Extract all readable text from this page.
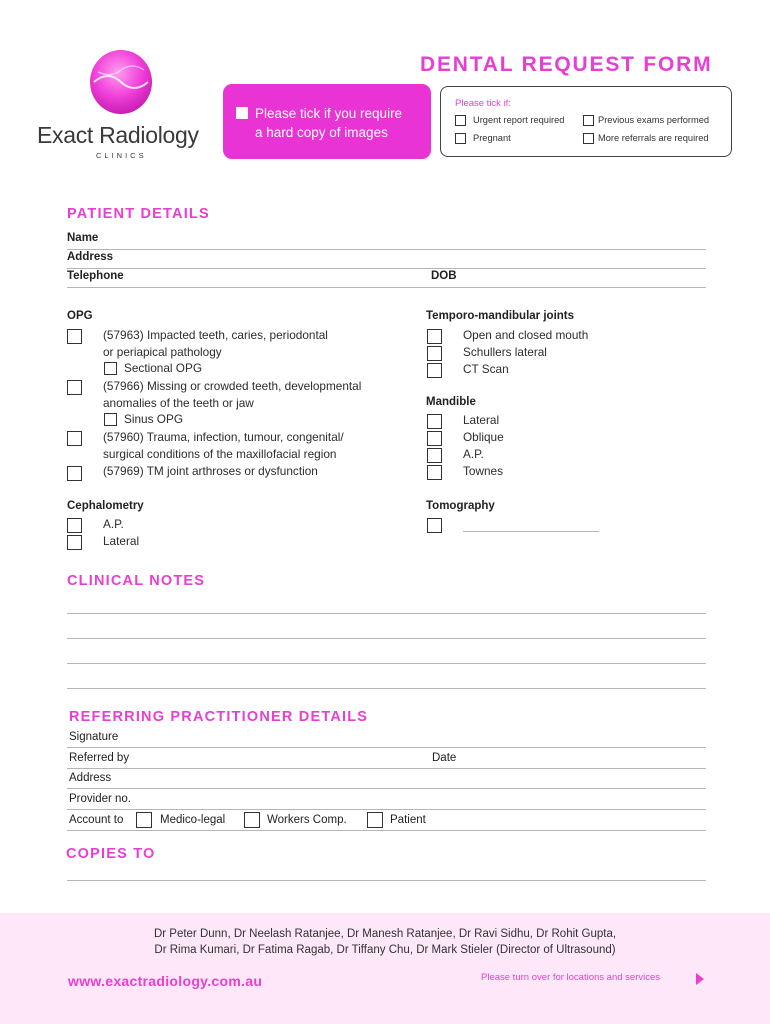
Exact Radiology
CLINICS
Please tick if you require
a hard copy of images
DENTAL REQUEST FORM
Please tick if:
Urgent report required	Previous exams performed
Pregnant	More referrals are required
PATIENT DETAILS
Name
Address
Telephone	DOB
OPG
(57963) Impacted teeth, caries, periodontal
or periapical pathology
Sectional OPG
(57966) Missing or crowded teeth, developmental
anomalies of the teeth or jaw
Sinus OPG
(57960) Trauma, infection, tumour, congenital/
surgical conditions of the maxillofacial region
(57969) TM joint arthroses or dysfunction
Temporo-mandibular joints
Open and closed mouth
Schullers lateral
CT Scan
Mandible
Lateral
Oblique
A.P.
Townes
Cephalometry
A.P.
Lateral
Tomography
CLINICAL NOTES
REFERRING PRACTITIONER DETAILS
Signature
Referred by	Date
Address
Provider no.
Account to	Medico-legal	Workers Comp.	Patient
COPIES TO
Dr Peter Dunn, Dr Neelash Ratanjee, Dr Manesh Ratanjee, Dr Ravi Sidhu, Dr Rohit Gupta,
Dr Rima Kumari, Dr Fatima Ragab, Dr Tiffany Chu, Dr Mark Stieler (Director of Ultrasound)
www.exactradiology.com.au	Please turn over for locations and services
